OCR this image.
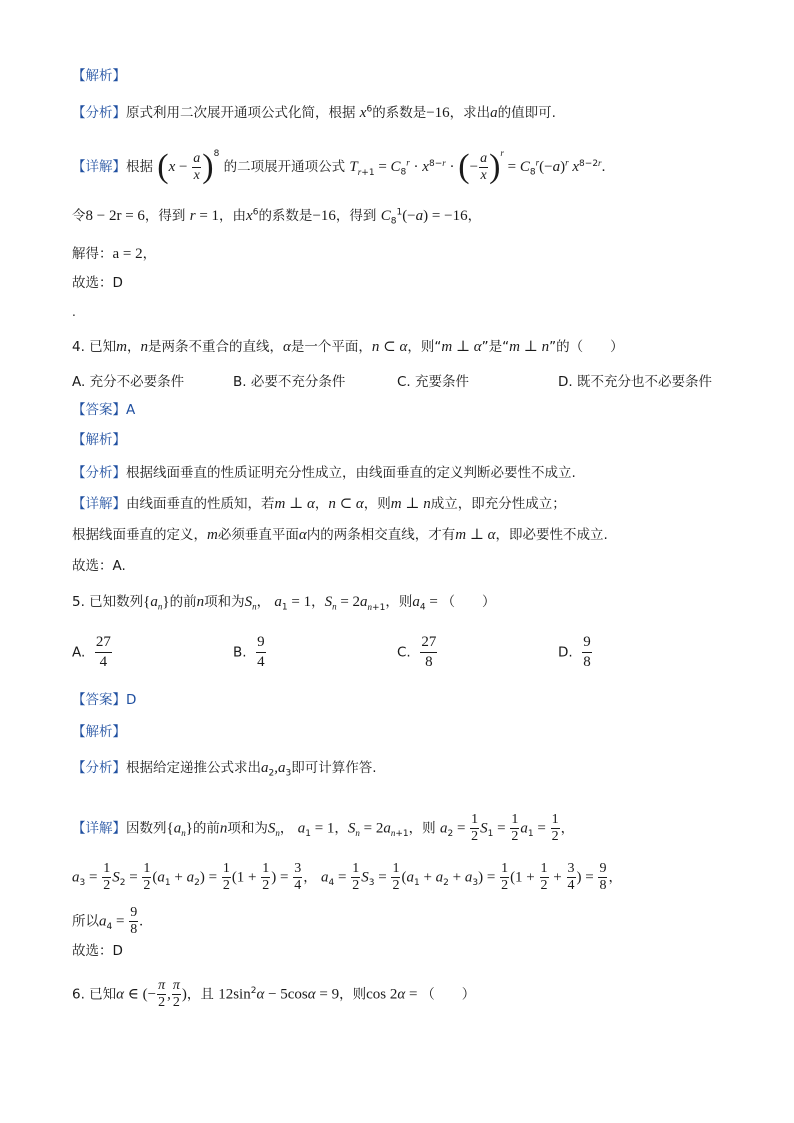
【解析】
【分析】原式利用二次展开通项公式化简，根据 $x^6$的系数是−16，求出a的值即可.
【详解】根据 $(x - \frac{a}{x} )^8$ 的二项展开通项公式 $T_{r+1} = C_8^r \cdot x^{8-r}$ · (− $\frac{a}{x} )^r = C_8^r(-a)^r$ $x^{8-2r}$.
令8 − 2r = 6，得到 r = 1，由$x^6$的系数是−16，得到 $C_8^1(-a) = -16$，
解得：a = 2，
故选：D
.
4. 已知m，n是两条不重合的直线，α是一个平面，n ⊂ α，则“m ⊥ α”是“m ⊥ n”的（　　）
A. 充分不必要条件	B. 必要不充分条件	C. 充要条件	D. 既不充分也不必要条件
【答案】A
【解析】
【分析】根据线面垂直的性质证明充分性成立，由线面垂直的定义判断必要性不成立.
【详解】由线面垂直的性质知，若m ⊥ α，n ⊂ α，则m ⊥ n成立，即充分性成立；
根据线面垂直的定义，m必须垂直平面α内的两条相交直线，才有m ⊥ α，即必要性不成立.
故选：A.
5. 已知数列$\{a_n\}$的前n项和为$S_n$， $a_1 = 1$，$S_n = 2a_{n+1}$，则$a_4$ = （　　）
A. $\frac{27}{4}$	B. $\frac{9}{4}$	C. $\frac{27}{8}$	D. $\frac{9}{8}$
【答案】D
【解析】
【分析】根据给定递推公式求出$a_2,a_3$即可计算作答.
【详解】因数列$\{a_n\}$的前n项和为$S_n$， $a_1 = 1$，$S_n = 2a_{n+1}$，则 $a_2 = \frac{1}{2} S_1 = \frac{1}{2} a_1 = \frac{1}{2}$ ，
$a_3 = \frac{1}{2} S_2 = \frac{1}{2} (a_1 + a_2) = \frac{1}{2} (1 + \frac{1}{2}$ ) = $\frac{3}{4}$ ， $a_4 = \frac{1}{2} S_3 = \frac{1}{2} (a_1 + a_2 + a_3) = \frac{1}{2} (1 + \frac{1}{2} + \frac{3}{4}$ ) = $\frac{9}{8}$ ，
所以$a_4 = \frac{9}{8}$ .
故选：D
6. 已知α ∈ (− $\frac{\pi}{2}$ , $\frac{\pi}{2}$ )，且 $12\sin^2\alpha - 5\cos\alpha = 9$，则cos 2α = （　　）
